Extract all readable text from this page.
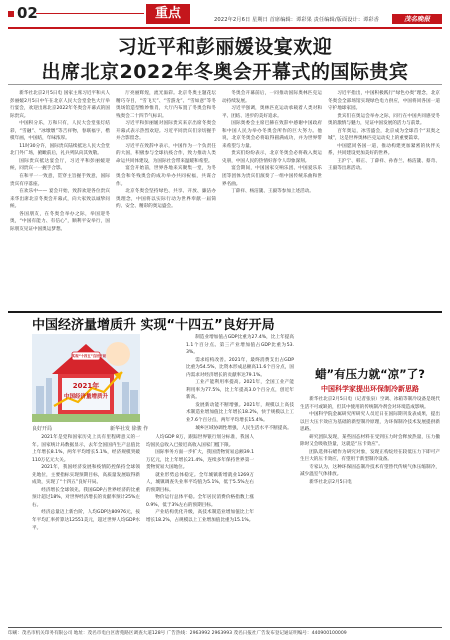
02	重点	2022年2月6日 星期日 首席编辑：谭彩果 责任编辑/版面设计：谭彩香	茂名晚报
习近平和彭丽媛设宴欢迎
出席北京2022年冬奥会开幕式的国际贵宾

新华社北京2月5日电 国家主席习近平和夫人彭丽媛2月5日中午在北京人民大会堂金色大厅举行宴会，欢迎出席北京2022年冬奥会开幕式的国际贵宾。

中国积分乐，万和只有，人民大会堂张灯结彩，“雪融”、“冰墩墩”等吉祥物，春联福字，楷模年画，中国结，年味浓厚。

11时30分许，国际贵宾陆续抵达人民大会堂北门外广场，俯瞰前后，礼兵列队向其致敬。

国际贵宾抵达宴会厅，习近平和彭丽媛迎候，同贵宾一一握手合影。

在和平一一致意，贯穿主旨握手致意，国际贵宾有序落座。

在欢乐中—— 宴会开始，致辞欢迎各位贵宾来华出席北京冬奥会开幕式，向大家致以诚挚问候。

各国朋友，在冬奥会举办之际，举国迎冬奥，“中国有能力、有信心”，顺利平安举行，国际朋友见证中国奥运梦想。

厅亮丽辉煌，流光溢彩。北京冬奥主题花坛精巧夺目，“雪飞天”、“雪游龙”、“雪如意”等冬奥场馆造型惟妙惟肖，大厅内布置了冬奥会和冬残奥会二十四节气标识。

习近平和彭丽媛对国际贵宾来京出席冬奥会开幕式表示热烈欢迎。习近平同贵宾们亲切握手并合影留念。

习近平在致辞中表示，中国作为一个负责任的大国，积极参与全球抗疫合作，致力推动人类命运共同体建设，为国际社会带来温暖和希望。

宴会开始前，世界各地来宾聚集一堂，为冬奥会和冬残奥会的成功举办共同祝福，共谋合作。

北京冬奥会坚持绿色、共享、开放、廉洁办奥理念，中国将以实际行动为世界奉献一届简约、安全、精彩的奥运盛会。

冬奥会开幕前后，一同推动国际奥林匹克运动持续发展。

习近平强调，奥林匹克运动承载着人类对和平、团结、进步的美好追求。

国际奥委会主席巴赫在致辞中感谢中国政府和中国人民为举办冬奥会所作的巨大努力。他说，北京冬奥会必将取得圆满成功，并为世界带来希望与力量。

贵宾们纷纷表示，北京冬奥会必将载入奥运史册，中国人民的热情好客令人印象深刻。

宴会期间，中国国家交响乐团、中国爱乐乐团等团体为贵宾们演奏了一组中国传统乐曲和世界名曲。

丁薛祥、杨洁篪、王毅等参加上述活动。

习近平指出，中国积极践行“绿色办奥”理念，北京冬奥会全部场馆实现绿色电力供应，中国将同各国一道守护地球家园。

贵宾们在奥运会举办之际，同行在中国共同感受冬奥的激情与魅力，见证中国发展的活力与前景。

百年奥运，冰雪盛会，北京成为全球首个“双奥之城”，这是世界奥林匹克运动史上的重要篇章。

中国愿同各国一道，推动构建更加紧密的伙伴关系，共同建设更加美好的世界。

王沪宁、韩正、丁薛祥、孙春兰、杨洁篪、蔡奇、王毅等出席活动。

中国经济量增质升 实现“十四五”良好开局
实现“十四五”良好开局
2021年
中国经济量增质升
良好开局	新华社发 徐骏 作

2021年是党和国家历史上具有里程碑意义的一年。国家统计局数据显示，去年全国国内生产总值比上年增长8.1%，两年平均增长5.1%，经济规模突破110万亿元大关。

2021年，我国经济发展和疫情防控保持全球领先地位，主要指标实现预期目标，高质量发展取得新成效，实现了“十四五”良好开局。

经济增长全球领先。我国GDP占世界经济的比重预计超过18%，对世界经济增长的贡献率预计25%左右。

经济总量迈上新台阶，人均GDP达80976元，按年平均汇率折算达12551美元，超过世界人均GDP水平。

人均GDP 8万，跟踪世界银行划分标准，我国人均国民总收入已接近高收入国家门槛下限。

国际事务方面一步扩大，我国货物贸易总额39.1万亿元，比上年增长21.4%，连续多年保持世界第一货物贸易大国地位。

就业形势总体稳定。全年城镇新增就业1269万人，城镇调查失业率平均值为5.1%，低于5.5%左右的预期目标。

物价运行总体平稳。全年居民消费价格指数上涨0.9%，低于3%左右的预期目标。

产业结构优化升级，高技术制造业增加值比上年增长18.2%，占规模以上工业增加值比重为15.1%。

制造业增加值占GDP比重为27.4%，比上年提高1.1个百分点。第三产业增加值占GDP比重为53.3%。

需求结构改善。2021年，最终消费支出占GDP比重为54.5%，比资本形成总额高11.6个百分点，国内需求对经济增长的贡献率达79.1%。

工业产能利用率提高。2021年，全国工业产能利用率为77.5%，比上年提高3.0个百分点，创近年新高。

发展新动能不断增强。2021年，规模以上高技术制造业增加值比上年增长18.2%，快于规模以上工业7.6个百分点，两年平均增长15.4%。

城乡区域协调性增强，人民生活水平不断提高。

蜡”有压力就“凉”了?
中国科学家提出环保制冷新思路

新华社北京2月5日电（记者张泉）空调、冰箱等制冷设备是现代生活不可或缺的，但其中使用的传统制冷剂会对环境造成影响。

中国科学院金属研究所研究人员近日在国际期刊发表成果，提出以巨大压卡效应为基础的新型制冷原理，为环保制冷技术发展提供新思路。

研究团队发现，某些固态材料在受到压力时会释放热量，压力撤除时又会吸收热量，这就是“压卡效应”。

团队选择石蜡作为研究对象，发现正构烷烃在较低压力下即可产生巨大的压卡效应，有望用于新型制冷设备。

专家认为，这种环保固态制冷技术有望替代传统气体压缩制冷，减少温室气体排放。

新华社北京2月5日电

印刷：茂名市机关印务有限公司 地址：茂名市电白区唐苑路区调查大道128号 广告热线：2963992 2963993 茂名日报社广告发布登记通证明编号：440900100009
